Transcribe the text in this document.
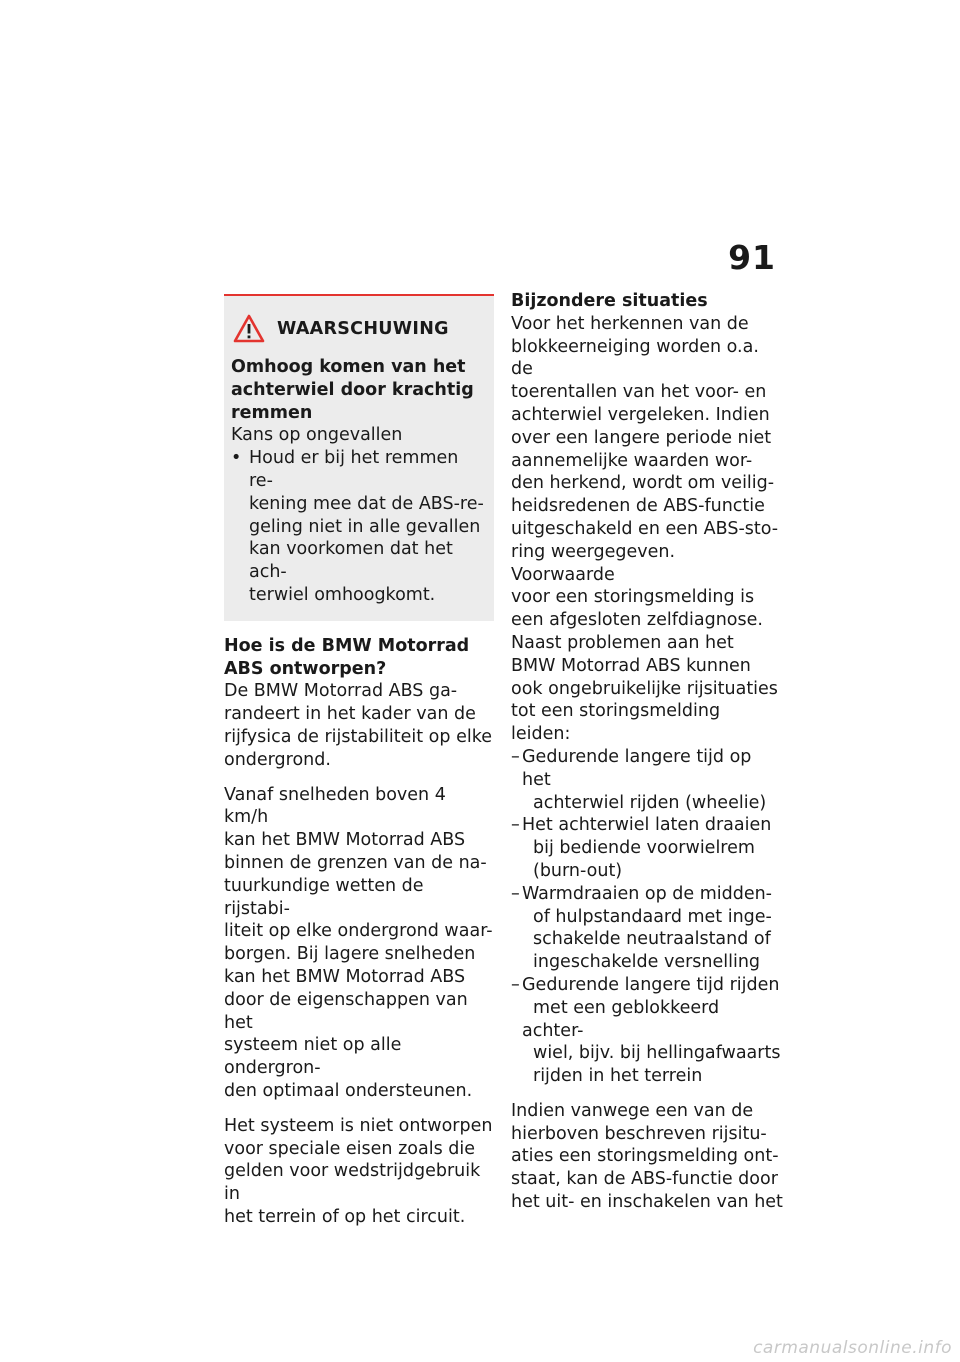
91
WAARSCHUWING

Omhoog komen van het
achterwiel door krachtig
remmen

Kans op ongevallen

• Houd er bij het remmen re-
kening mee dat de ABS-re-
geling niet in alle gevallen
kan voorkomen dat het ach-
terwiel omhoogkomt.

Hoe is de BMW Motorrad
ABS ontworpen?

De BMW Motorrad ABS ga-
randeert in het kader van de
rijfysica de rijstabiliteit op elke
ondergrond.

Vanaf snelheden boven 4 km/h
kan het BMW Motorrad ABS
binnen de grenzen van de na-
tuurkundige wetten de rijstabi-
liteit op elke ondergrond waar-
borgen. Bij lagere snelheden
kan het BMW Motorrad ABS
door de eigenschappen van het
systeem niet op alle ondergron-
den optimaal ondersteunen.

Het systeem is niet ontworpen
voor speciale eisen zoals die
gelden voor wedstrijdgebruik in
het terrein of op het circuit.

Bijzondere situaties

Voor het herkennen van de
blokkeerneiging worden o.a. de
toerentallen van het voor- en
achterwiel vergeleken. Indien
over een langere periode niet
aannemelijke waarden wor-
den herkend, wordt om veilig-
heidsredenen de ABS-functie
uitgeschakeld en een ABS-sto-
ring weergegeven. Voorwaarde
voor een storingsmelding is
een afgesloten zelfdiagnose.

Naast problemen aan het
BMW Motorrad ABS kunnen
ook ongebruikelijke rijsituaties
tot een storingsmelding leiden:

– Gedurende langere tijd op het
achterwiel rijden (wheelie)
– Het achterwiel laten draaien
bij bediende voorwielrem
(burn-out)
– Warmdraaien op de midden-
of hulpstandaard met inge-
schakelde neutraalstand of
ingeschakelde versnelling
– Gedurende langere tijd rijden
met een geblokkeerd achter-
wiel, bijv. bij hellingafwaarts
rijden in het terrein

Indien vanwege een van de
hierboven beschreven rijsitu-
aties een storingsmelding ont-
staat, kan de ABS-functie door
het uit- en inschakelen van het

carmanualsonline.info
